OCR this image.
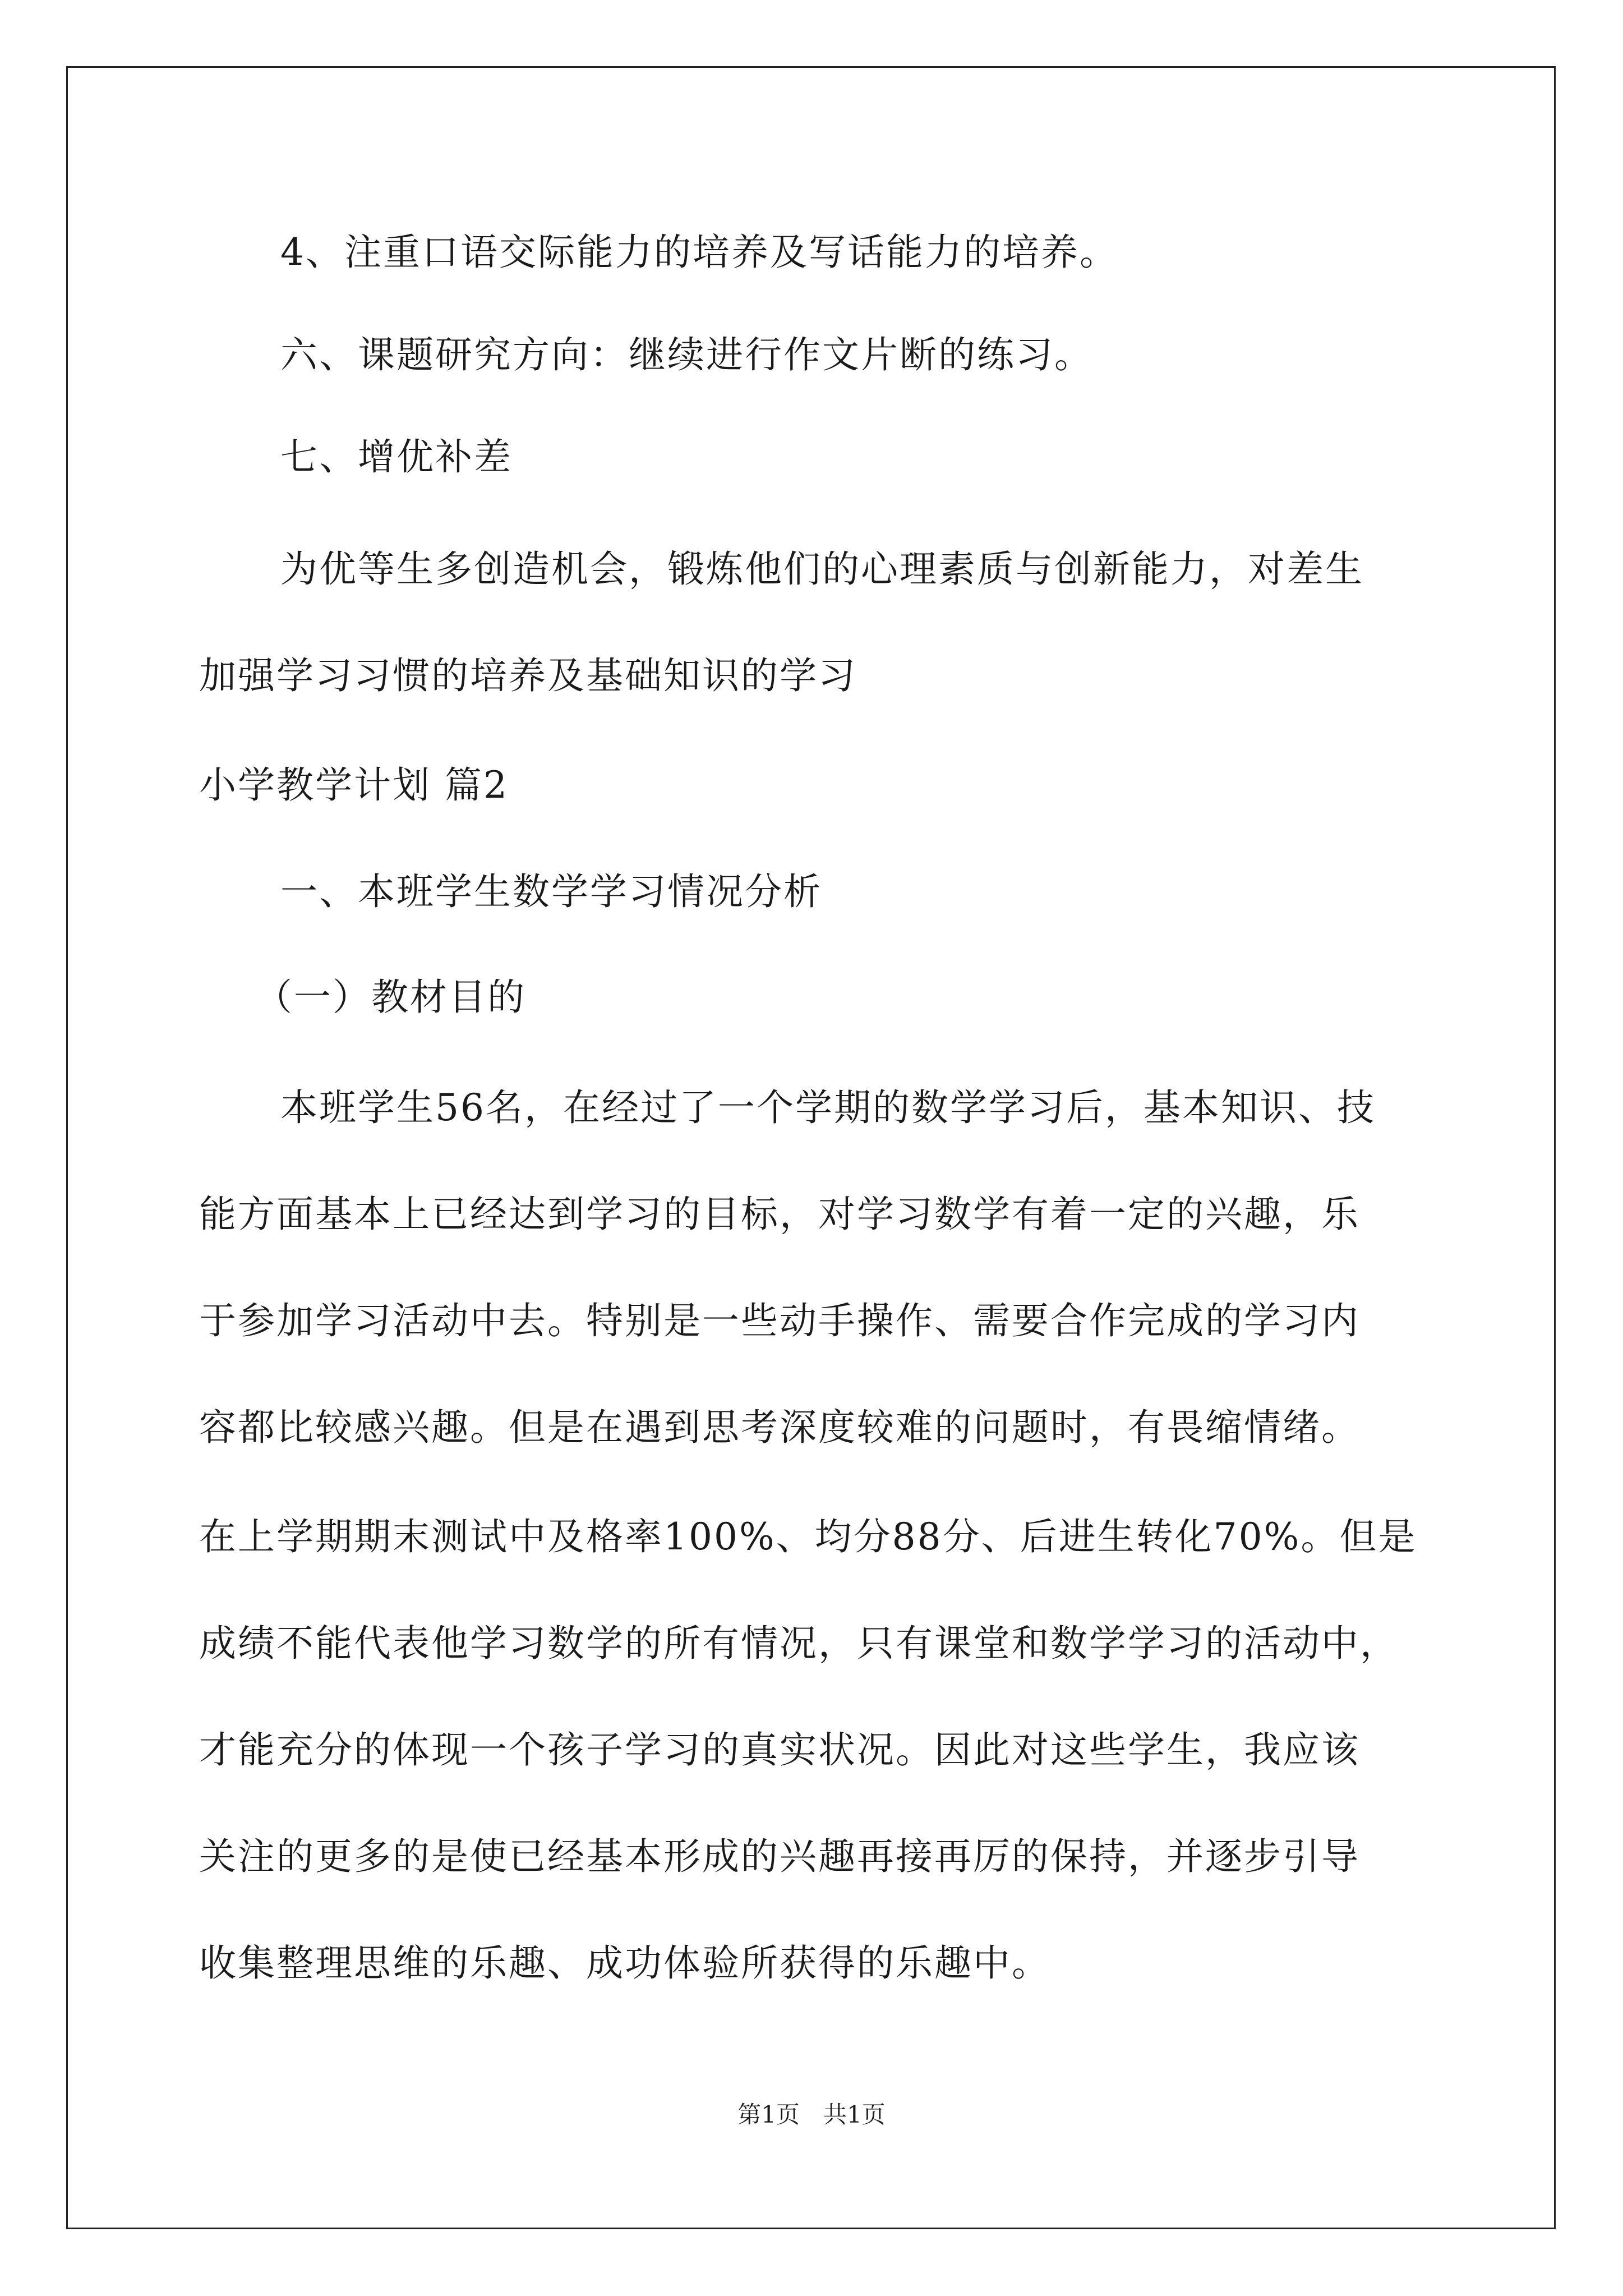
4、注重口语交际能力的培养及写话能力的培养。
六、课题研究方向：继续进行作文片断的练习。
七、增优补差
为优等生多创造机会，锻炼他们的心理素质与创新能力，对差生
加强学习习惯的培养及基础知识的学习
小学教学计划 篇2
一、本班学生数学学习情况分析
（一）教材目的
本班学生56名，在经过了一个学期的数学学习后，基本知识、技
能方面基本上已经达到学习的目标，对学习数学有着一定的兴趣，乐
于参加学习活动中去。特别是一些动手操作、需要合作完成的学习内
容都比较感兴趣。但是在遇到思考深度较难的问题时，有畏缩情绪。
在上学期期末测试中及格率100%、均分88分、后进生转化70%。但是
成绩不能代表他学习数学的所有情况，只有课堂和数学学习的活动中，
才能充分的体现一个孩子学习的真实状况。因此对这些学生，我应该
关注的更多的是使已经基本形成的兴趣再接再厉的保持，并逐步引导
收集整理思维的乐趣、成功体验所获得的乐趣中。
第1页　共1页
